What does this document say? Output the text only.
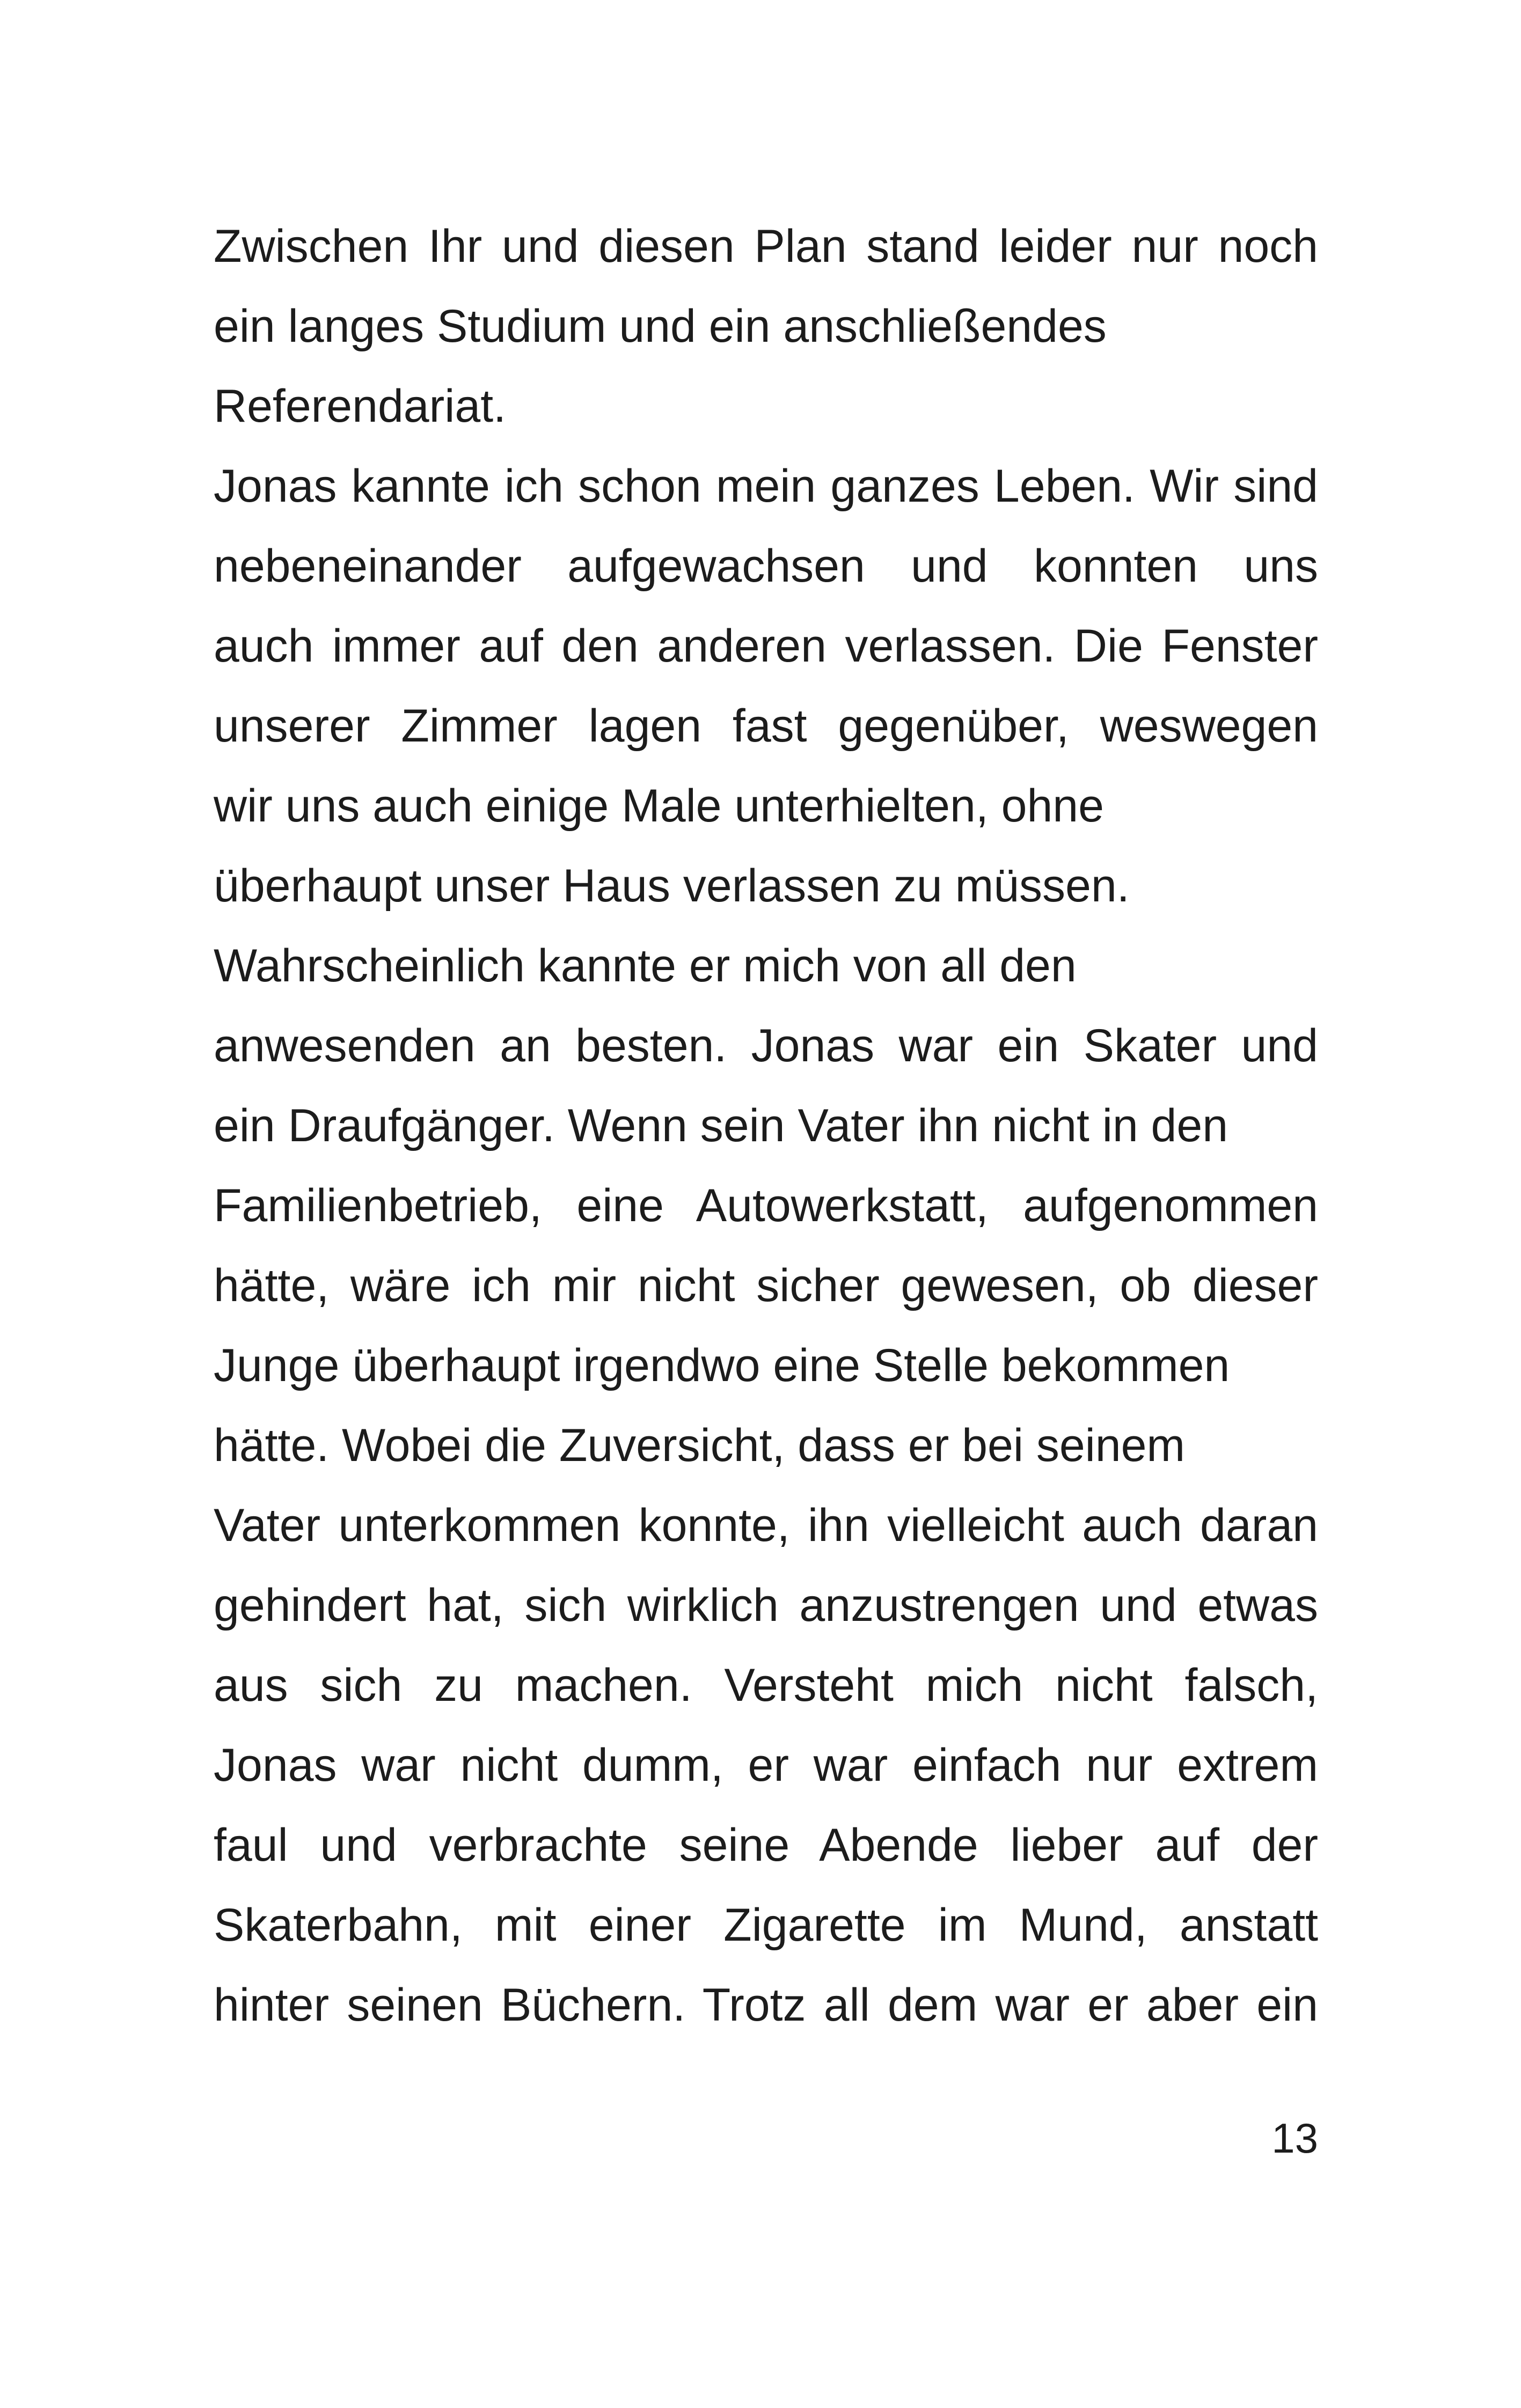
Zwischen Ihr und diesen Plan stand leider nur noch
ein langes Studium und ein anschließendes
Referendariat.
Jonas kannte ich schon mein ganzes Leben. Wir sind
nebeneinander aufgewachsen und konnten uns
auch immer auf den anderen verlassen. Die Fenster
unserer Zimmer lagen fast gegenüber, weswegen
wir uns auch einige Male unterhielten, ohne
überhaupt unser Haus verlassen zu müssen.
Wahrscheinlich kannte er mich von all den
anwesenden an besten. Jonas war ein Skater und
ein Draufgänger. Wenn sein Vater ihn nicht in den
Familienbetrieb, eine Autowerkstatt, aufgenommen
hätte, wäre ich mir nicht sicher gewesen, ob dieser
Junge überhaupt irgendwo eine Stelle bekommen
hätte. Wobei die Zuversicht, dass er bei seinem
Vater unterkommen konnte, ihn vielleicht auch daran
gehindert hat, sich wirklich anzustrengen und etwas
aus sich zu machen. Versteht mich nicht falsch,
Jonas war nicht dumm, er war einfach nur extrem
faul und verbrachte seine Abende lieber auf der
Skaterbahn, mit einer Zigarette im Mund, anstatt
hinter seinen Büchern. Trotz all dem war er aber ein
13
